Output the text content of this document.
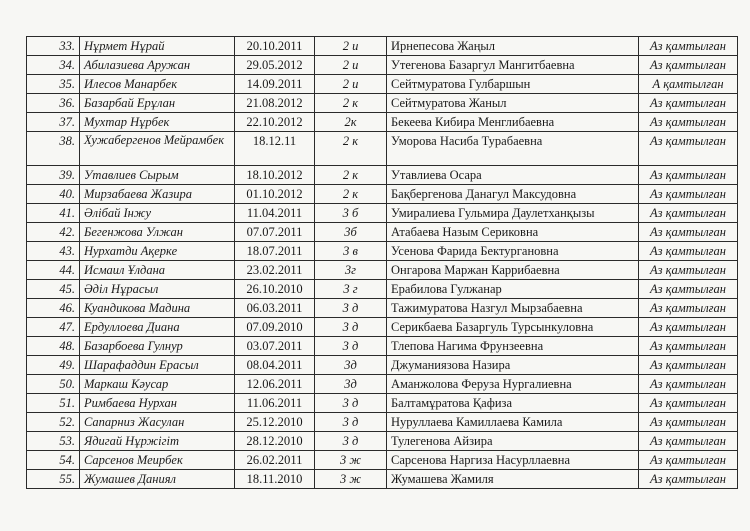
33.	Нұрмет Нұрай	20.10.2011	2 и	Ирнепесова Жаңыл	Аз қамтылған
34.	Абилазиева Аружан	29.05.2012	2 и	Утегенова Базаргул Мангитбаевна	Аз қамтылған
35.	Илесов Манарбек	14.09.2011	2 и	Сейтмуратова Гулбаршын	А қамтылған
36.	Базарбай Ерұлан	21.08.2012	2 к	Сейтмуратова Жаныл	Аз қамтылған
37.	Мухтар Нұрбек	22.10.2012	2к	Бекеева Кибира Менглибаевна	Аз қамтылған
38.	Хужабергенов Мейрамбек	18.12.11	2 к	Уморова Насиба Турабаевна	Аз қамтылған
39.	Утавлиев Сырым	18.10.2012	2 к	Утавлиева Осара	Аз қамтылған
40.	Мирзабаева Жазира	01.10.2012	2 к	Бақбергенова Данагул Максудовна	Аз қамтылған
41.	Әлібай Інжу	11.04.2011	3 б	Умиралиева Гульмира Даулетханқызы	Аз қамтылған
42.	Бегенжова Улжан	07.07.2011	3б	Атабаева Назым Сериковна	Аз қамтылған
43.	Нурхатди Ақерке	18.07.2011	3 в	Усенова Фарида Бектургановна	Аз қамтылған
44.	Исмаил Ұлдана	23.02.2011	3г	Онгарова Маржан Каррибаевна	Аз қамтылған
45.	Әділ Нұрасыл	26.10.2010	3 г	Ерабилова Гулжанар	Аз қамтылған
46.	Куандикова Мадина	06.03.2011	3 д	Тажимуратова Назгул Мырзабаевна	Аз қамтылған
47.	Ердуллоева Диана	07.09.2010	3 д	Серикбаева Базаргуль Турсынкуловна	Аз қамтылған
48.	Базарбоева Гулнур	03.07.2011	3 д	Тлепова Нагима Фрунзеевна	Аз қамтылған
49.	Шарафаддин Ерасыл	08.04.2011	3д	Джуманиязова Назира	Аз қамтылған
50.	Маркаш Кәусар	12.06.2011	3д	Аманжолова Феруза Нургалиевна	Аз қамтылған
51.	Римбаева Нурхан	11.06.2011	3 д	Балтамұратова Қафиза	Аз қамтылған
52.	Сапарниз Жасулан	25.12.2010	3 д	Нуруллаева Камиллаева Камила	Аз қамтылған
53.	Ядигай Нұржігіт	28.12.2010	3 д	Тулегенова Айзира	Аз қамтылған
54.	Сарсенов Меирбек	26.02.2011	3 ж	Сарсенова Наргиза Насурллаевна	Аз қамтылған
55.	Жумашев Даниял	18.11.2010	3 ж	Жумашева Жамиля	Аз қамтылған
